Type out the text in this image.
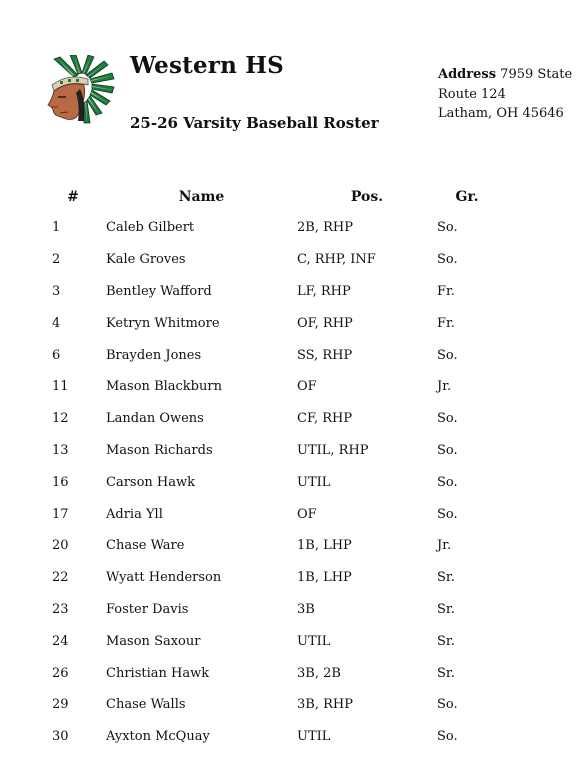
Western HS
25-26 Varsity Baseball Roster
Address 7959 State
Route 124
Latham, OH 45646
#	Name	Pos.	Gr.
1	Caleb Gilbert	2B, RHP	So.
2	Kale Groves	C, RHP, INF	So.
3	Bentley Wafford	LF, RHP	Fr.
4	Ketryn Whitmore	OF, RHP	Fr.
6	Brayden Jones	SS, RHP	So.
11	Mason Blackburn	OF	Jr.
12	Landan Owens	CF, RHP	So.
13	Mason Richards	UTIL, RHP	So.
16	Carson Hawk	UTIL	So.
17	Adria Yll	OF	So.
20	Chase Ware	1B, LHP	Jr.
22	Wyatt Henderson	1B, LHP	Sr.
23	Foster Davis	3B	Sr.
24	Mason Saxour	UTIL	Sr.
26	Christian Hawk	3B, 2B	Sr.
29	Chase Walls	3B, RHP	So.
30	Ayxton McQuay	UTIL	So.
